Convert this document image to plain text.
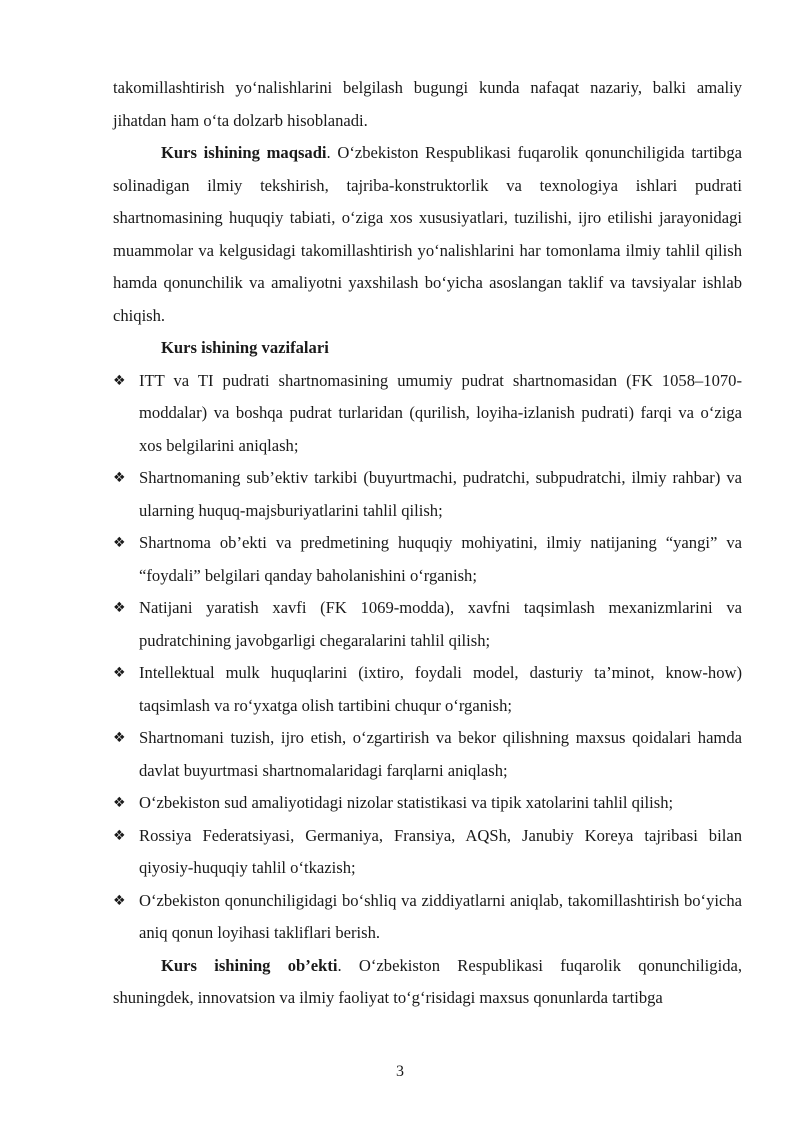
takomillashtirish yo‘nalishlarini belgilash bugungi kunda nafaqat nazariy, balki amaliy jihatdan ham o‘ta dolzarb hisoblanadi.

Kurs ishining maqsadi. O‘zbekiston Respublikasi fuqarolik qonunchiligida tartibga solinadigan ilmiy tekshirish, tajriba-konstruktorlik va texnologiya ishlari pudrati shartnomasining huquqiy tabiati, o‘ziga xos xususiyatlari, tuzilishi, ijro etilishi jarayonidagi muammolar va kelgusidagi takomillashtirish yo‘nalishlarini har tomonlama ilmiy tahlil qilish hamda qonunchilik va amaliyotni yaxshilash bo‘yicha asoslangan taklif va tavsiyalar ishlab chiqish.

Kurs ishining vazifalari

❖ ITT va TI pudrati shartnomasining umumiy pudrat shartnomasidan (FK 1058–1070-moddalar) va boshqa pudrat turlaridan (qurilish, loyiha-izlanish pudrati) farqi va o‘ziga xos belgilarini aniqlash;
❖ Shartnomaning sub’ektiv tarkibi (buyurtmachi, pudratchi, subpudratchi, ilmiy rahbar) va ularning huquq-majsburiyatlarini tahlil qilish;
❖ Shartnoma ob’ekti va predmetining huquqiy mohiyatini, ilmiy natijaning “yangi” va “foydali” belgilari qanday baholanishini o‘rganish;
❖ Natijani yaratish xavfi (FK 1069-modda), xavfni taqsimlash mexanizmlarini va pudratchining javobgarligi chegaralarini tahlil qilish;
❖ Intellektual mulk huquqlarini (ixtiro, foydali model, dasturiy ta’minot, know-how) taqsimlash va ro‘yxatga olish tartibini chuqur o‘rganish;
❖ Shartnomani tuzish, ijro etish, o‘zgartirish va bekor qilishning maxsus qoidalari hamda davlat buyurtmasi shartnomalaridagi farqlarni aniqlash;
❖ O‘zbekiston sud amaliyotidagi nizolar statistikasi va tipik xatolarini tahlil qilish;
❖ Rossiya Federatsiyasi, Germaniya, Fransiya, AQSh, Janubiy Koreya tajribasi bilan qiyosiy-huquqiy tahlil o‘tkazish;
❖ O‘zbekiston qonunchiligidagi bo‘shliq va ziddiyatlarni aniqlab, takomillashtirish bo‘yicha aniq qonun loyihasi takliflari berish.

Kurs ishining ob’ekti. O‘zbekiston Respublikasi fuqarolik qonunchiligida, shuningdek, innovatsion va ilmiy faoliyat to‘g‘risidagi maxsus qonunlarda tartibga

3
